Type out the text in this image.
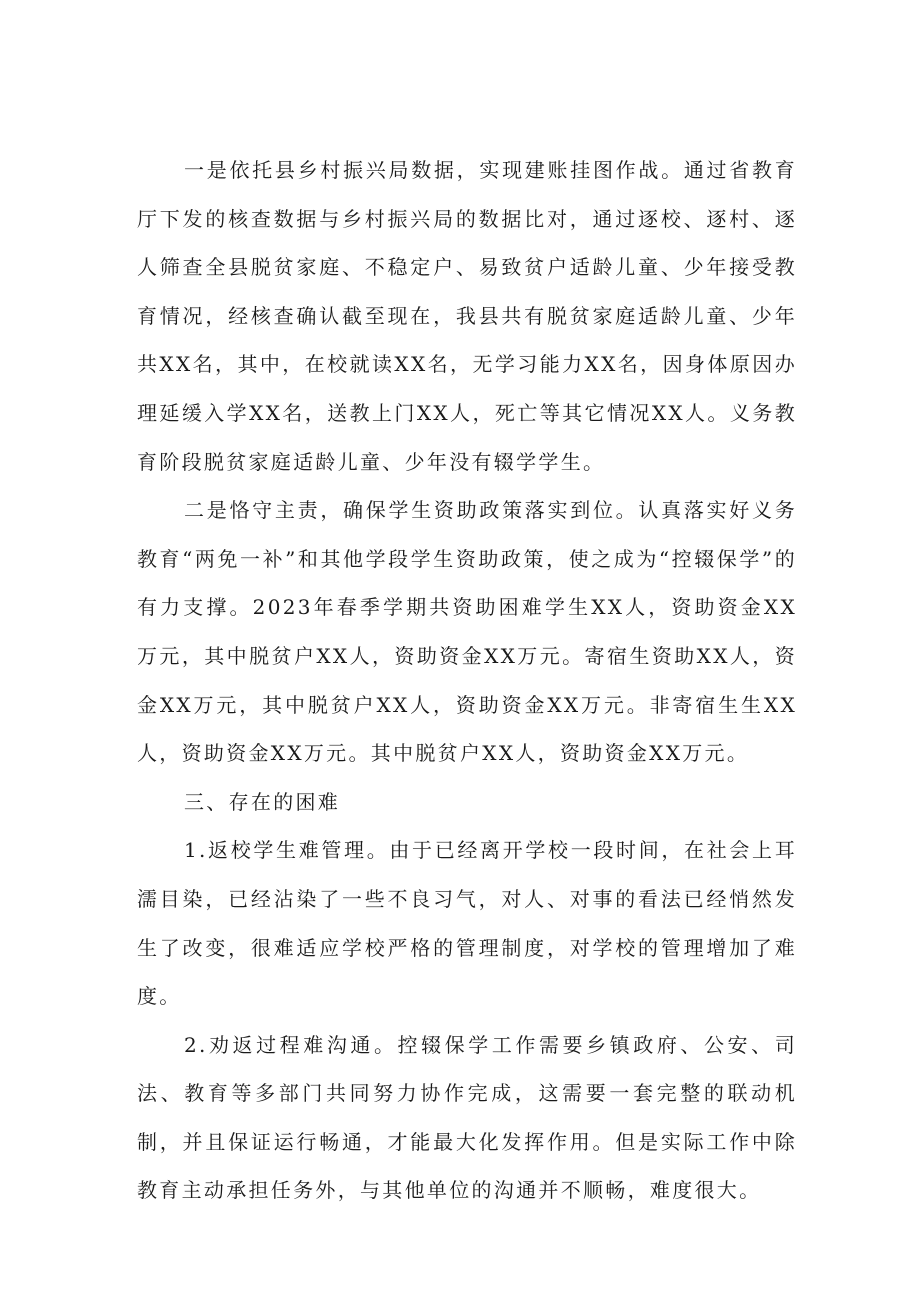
一是依托县乡村振兴局数据，实现建账挂图作战。通过省教育厅下发的核查数据与乡村振兴局的数据比对，通过逐校、逐村、逐人筛查全县脱贫家庭、不稳定户、易致贫户适龄儿童、少年接受教育情况，经核查确认截至现在，我县共有脱贫家庭适龄儿童、少年共XX名，其中，在校就读XX名，无学习能力XX名，因身体原因办理延缓入学XX名，送教上门XX人，死亡等其它情况XX人。义务教育阶段脱贫家庭适龄儿童、少年没有辍学学生。

二是恪守主责，确保学生资助政策落实到位。认真落实好义务教育“两免一补”和其他学段学生资助政策，使之成为“控辍保学”的有力支撑。2023年春季学期共资助困难学生XX人，资助资金XX万元，其中脱贫户XX人，资助资金XX万元。寄宿生资助XX人，资金XX万元，其中脱贫户XX人，资助资金XX万元。非寄宿生生XX人，资助资金XX万元。其中脱贫户XX人，资助资金XX万元。

三、存在的困难

1.返校学生难管理。由于已经离开学校一段时间，在社会上耳濡目染，已经沾染了一些不良习气，对人、对事的看法已经悄然发生了改变，很难适应学校严格的管理制度，对学校的管理增加了难度。

2.劝返过程难沟通。控辍保学工作需要乡镇政府、公安、司法、教育等多部门共同努力协作完成，这需要一套完整的联动机制，并且保证运行畅通，才能最大化发挥作用。但是实际工作中除教育主动承担任务外，与其他单位的沟通并不顺畅，难度很大。
